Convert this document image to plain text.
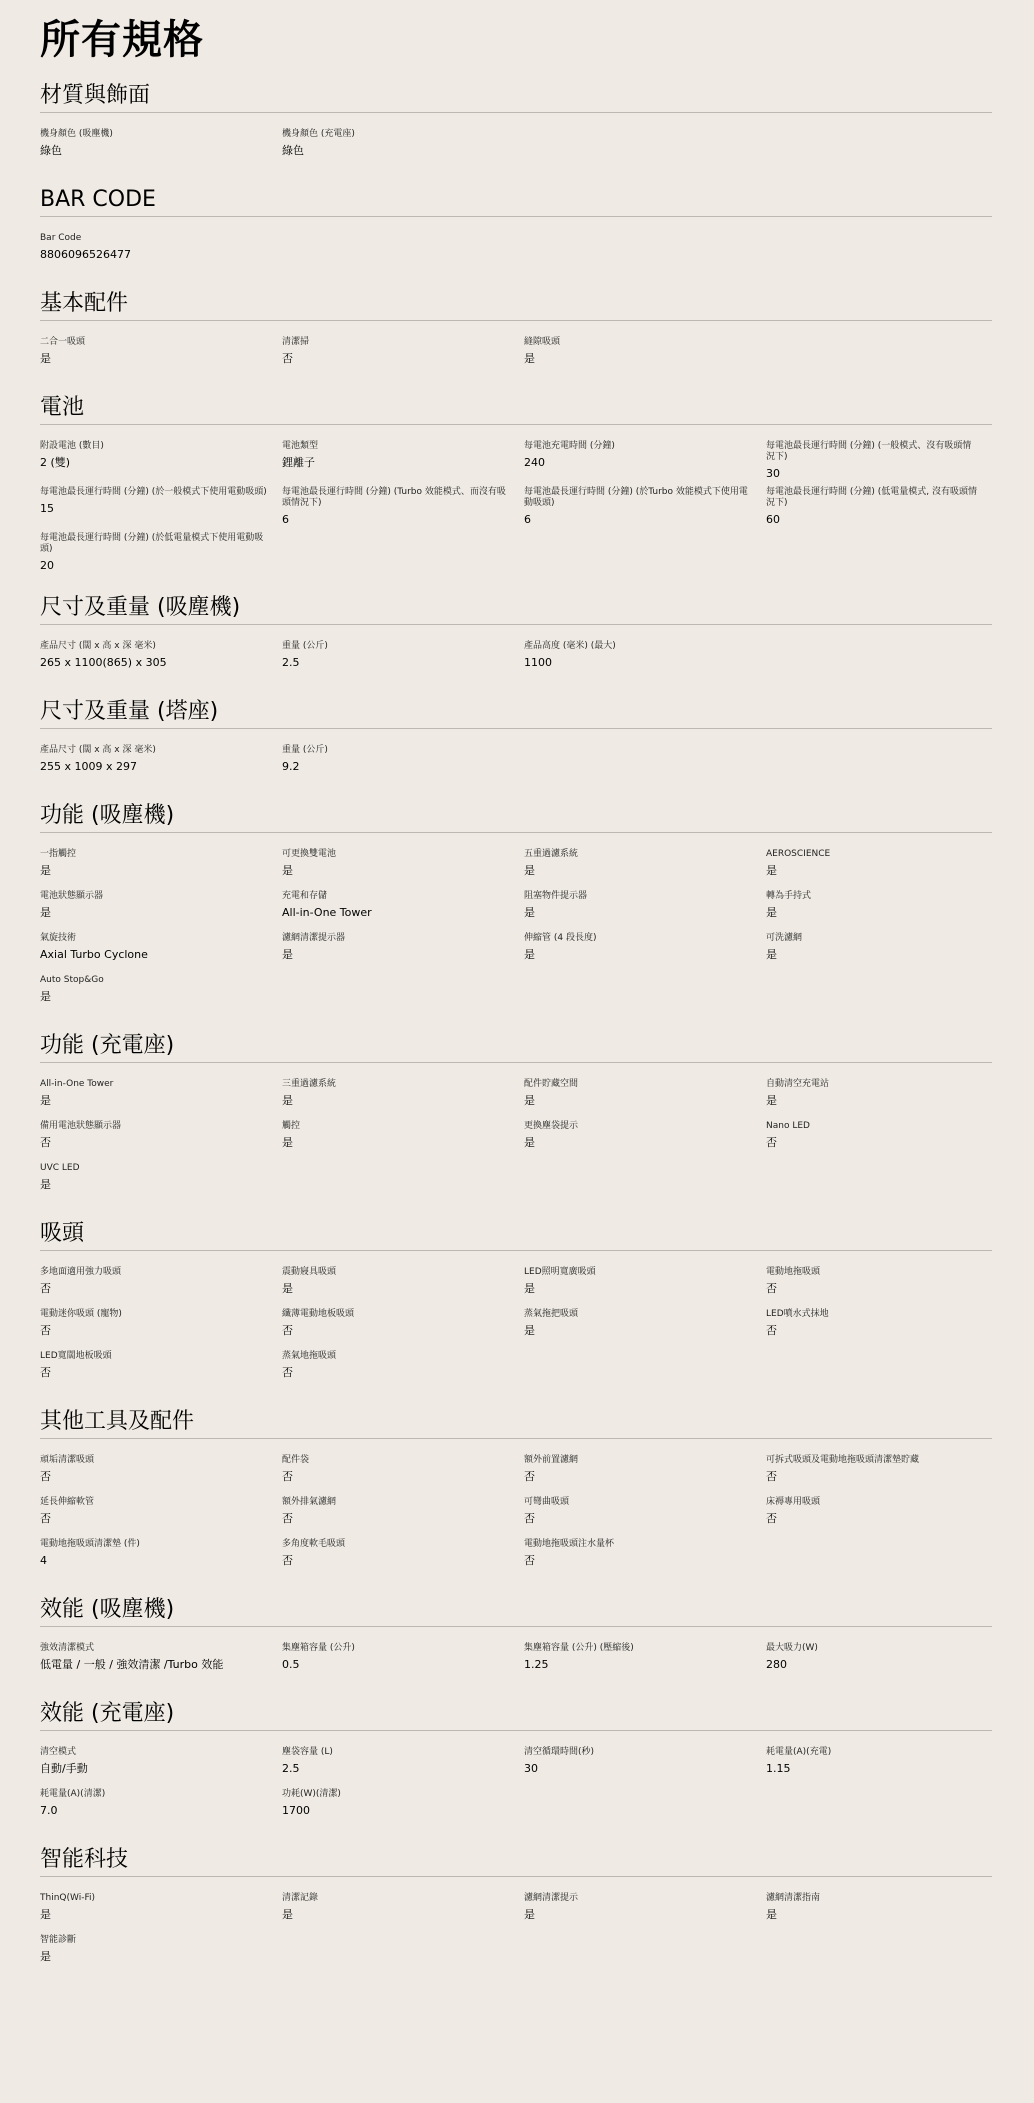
所有規格
材質與飾面
機身顏色 (吸塵機)
綠色
機身顏色 (充電座)
綠色
BAR CODE
Bar Code
8806096526477
基本配件
二合一吸頭
是
清潔掃
否
縫隙吸頭
是
電池
附設電池 (數目)
2 (雙)
電池類型
鋰離子
每電池充電時間 (分鐘)
240
每電池最長運行時間 (分鐘) (一般模式、沒有吸頭情況下)
30
每電池最長運行時間 (分鐘) (於一般模式下使用電動吸頭)
15
每電池最長運行時間 (分鐘) (Turbo 效能模式、而沒有吸頭情況下)
6
每電池最長運行時間 (分鐘) (於Turbo 效能模式下使用電動吸頭)
6
每電池最長運行時間 (分鐘) (低電量模式, 沒有吸頭情況下)
60
每電池最長運行時間 (分鐘) (於低電量模式下使用電動吸頭)
20
尺寸及重量 (吸塵機)
產品尺寸 (闊 x 高 x 深 毫米)
265 x 1100(865) x 305
重量 (公斤)
2.5
產品高度 (毫米) (最大)
1100
尺寸及重量 (塔座)
產品尺寸 (闊 x 高 x 深 毫米)
255 x 1009 x 297
重量 (公斤)
9.2
功能 (吸塵機)
一指觸控
是
可更換雙電池
是
五重過濾系統
是
AEROSCIENCE
是
電池狀態顯示器
是
充電和存儲
All-in-One Tower
阻塞物件提示器
是
轉為手持式
是
氣旋技術
Axial Turbo Cyclone
濾網清潔提示器
是
伸縮管 (4 段長度)
是
可洗濾網
是
Auto Stop&Go
是
功能 (充電座)
All-in-One Tower
是
三重過濾系統
是
配件貯藏空間
是
自動清空充電站
是
備用電池狀態顯示器
否
觸控
是
更換塵袋提示
是
Nano LED
否
UVC LED
是
吸頭
多地面適用強力吸頭
否
震動寢具吸頭
是
LED照明寬廣吸頭
是
電動地拖吸頭
否
電動迷你吸頭 (寵物)
否
纖薄電動地板吸頭
否
蒸氣拖把吸頭
是
LED噴水式抹地
否
LED寬闊地板吸頭
否
蒸氣地拖吸頭
否
其他工具及配件
頑垢清潔吸頭
否
配件袋
否
額外前置濾網
否
可拆式吸頭及電動地拖吸頭清潔墊貯藏
否
延長伸縮軟管
否
額外排氣濾網
否
可彎曲吸頭
否
床褥專用吸頭
否
電動地拖吸頭清潔墊 (件)
4
多角度軟毛吸頭
否
電動地拖吸頭注水量杯
否
效能 (吸塵機)
強效清潔模式
低電量 / 一般 / 強效清潔 /Turbo 效能
集塵箱容量 (公升)
0.5
集塵箱容量 (公升) (壓縮後)
1.25
最大吸力(W)
280
效能 (充電座)
清空模式
自動/手動
塵袋容量 (L)
2.5
清空循環時間(秒)
30
耗電量(A)(充電)
1.15
耗電量(A)(清潔)
7.0
功耗(W)(清潔)
1700
智能科技
ThinQ(Wi-Fi)
是
清潔記錄
是
濾網清潔提示
是
濾網清潔指南
是
智能診斷
是
